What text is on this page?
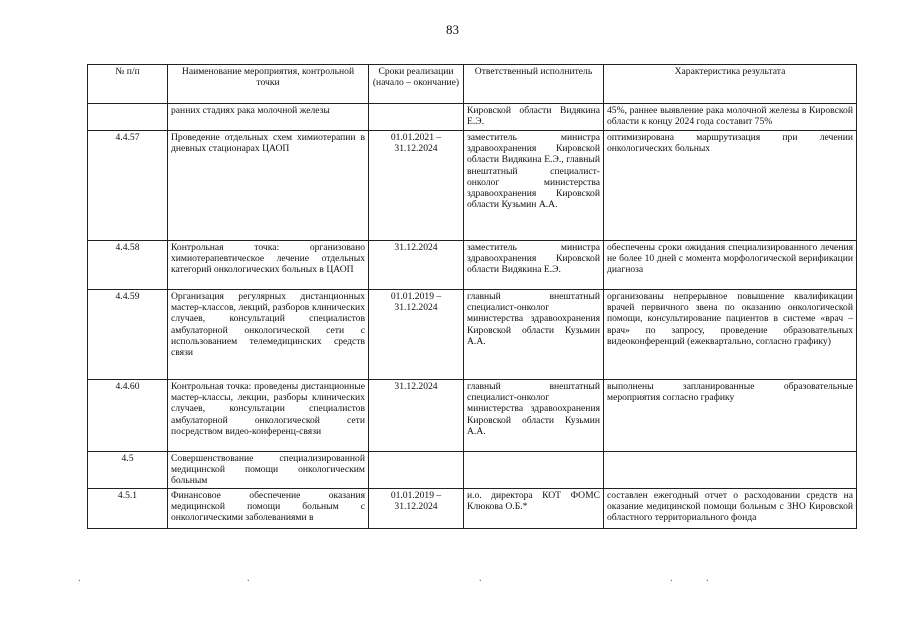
83
№ п/п	Наименование мероприятия, контрольной точки	Сроки реализации (начало – окончание)	Ответственный исполнитель	Характеристика результата
	ранних стадиях рака молочной железы		Кировской области Видякина Е.Э.	45%, раннее выявление рака молочной железы в Кировской области к концу 2024 года составит 75%
4.4.57	Проведение отдельных схем химиотерапии в дневных стационарах ЦАОП	01.01.2021 – 31.12.2024	заместитель министра здравоохранения Кировской области Видякина Е.Э., главный внештатный специалист-онколог министерства здравоохранения Кировской области Кузьмин А.А.	оптимизирована маршрутизация при лечении онкологических больных
4.4.58	Контрольная точка: организовано химиотерапевтическое лечение отдельных категорий онкологических больных в ЦАОП	31.12.2024	заместитель министра здравоохранения Кировской области Видякина Е.Э.	обеспечены сроки ожидания специализированного лечения не более 10 дней с момента морфологической верификации диагноза
4.4.59	Организация регулярных дистанционных мастер-классов, лекций, разборов клинических случаев, консультаций специалистов амбулаторной онкологической сети с использованием телемедицинских средств связи	01.01.2019 – 31.12.2024	главный внештатный специалист-онколог министерства здравоохранения Кировской области Кузьмин А.А.	организованы непрерывное повышение квалификации врачей первичного звена по оказанию онкологической помощи, консультирование пациентов в системе «врач – врач» по запросу, проведение образовательных видеоконференций (ежеквартально, согласно графику)
4.4.60	Контрольная точка: проведены дистанционные мастер-классы, лекции, разборы клинических случаев, консультации специалистов амбулаторной онкологической сети посредством видео-конференц-связи	31.12.2024	главный внештатный специалист-онколог министерства здравоохранения Кировской области Кузьмин А.А.	выполнены запланированные образовательные мероприятия согласно графику
4.5	Совершенствование специализированной медицинской помощи онкологическим больным			
4.5.1	Финансовое обеспечение оказания медицинской помощи больным с онкологическими заболеваниями в	01.01.2019 – 31.12.2024	и.о. директора КОТ ФОМС Клюкова О.Б.*	составлен ежегодный отчет о расходовании средств на оказание медицинской помощи больным с ЗНО Кировской областного территориального фонда
.	.	.	.	.
